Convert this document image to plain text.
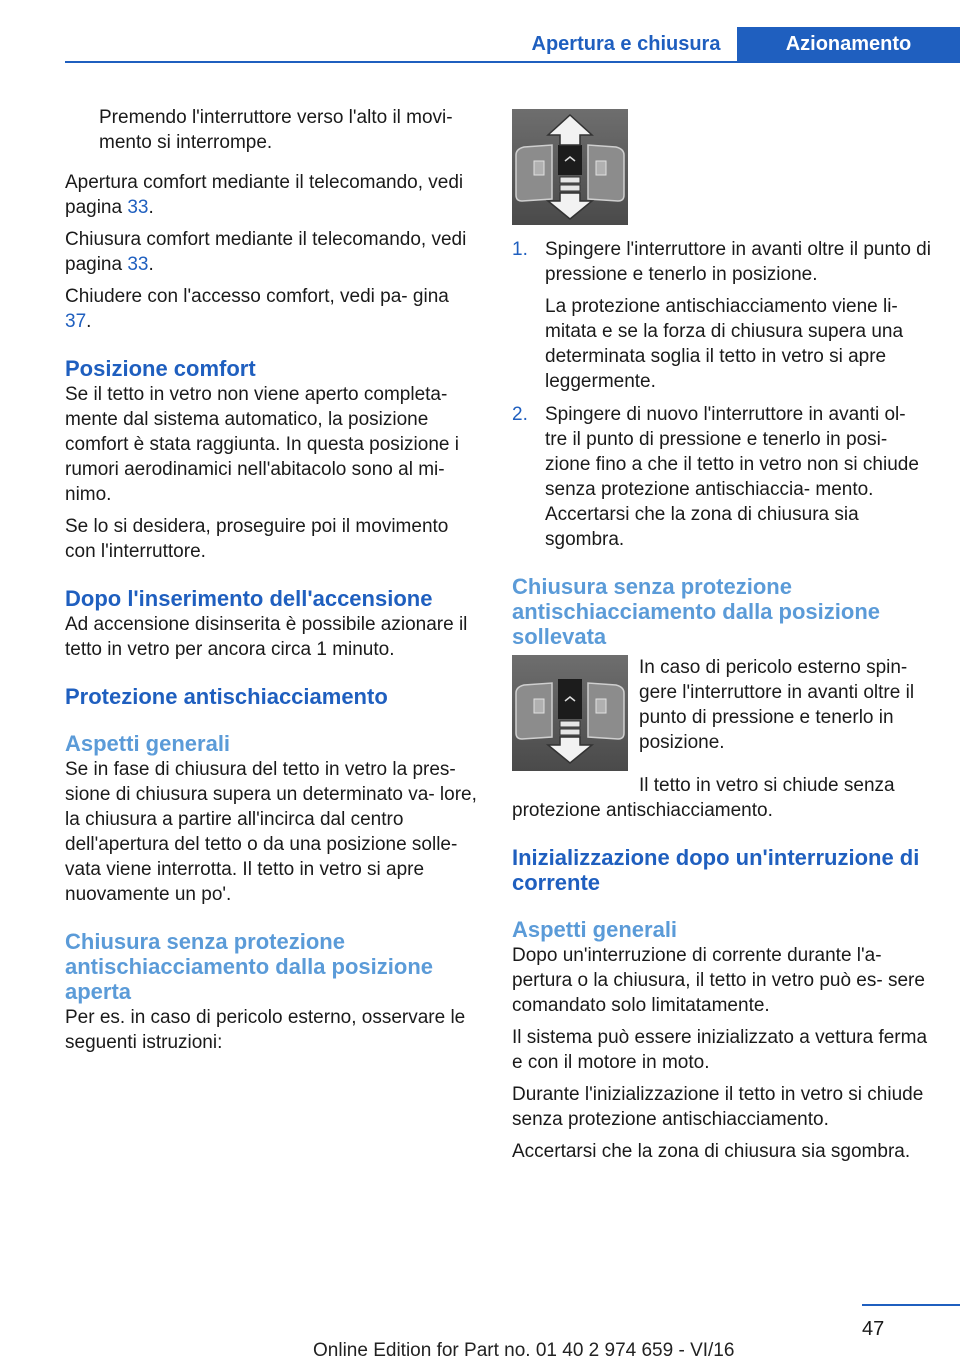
Apertura e chiusura	Azionamento

Premendo l'interruttore verso l'alto il movi‐ mento si interrompe.

Apertura comfort mediante il telecomando, vedi pagina 33.

Chiusura comfort mediante il telecomando, vedi pagina 33.

Chiudere con l'accesso comfort, vedi pa‐ gina 37.

Posizione comfort

Se il tetto in vetro non viene aperto completa‐ mente dal sistema automatico, la posizione comfort è stata raggiunta. In questa posizione i rumori aerodinamici nell'abitacolo sono al mi‐ nimo.

Se lo si desidera, proseguire poi il movimento con l'interruttore.

Dopo l'inserimento dell'accensione

Ad accensione disinserita è possibile azionare il tetto in vetro per ancora circa 1 minuto.

Protezione antischiacciamento
Aspetti generali

Se in fase di chiusura del tetto in vetro la pres‐ sione di chiusura supera un determinato va‐ lore, la chiusura a partire all'incirca dal centro dell'apertura del tetto o da una posizione solle‐ vata viene interrotta. Il tetto in vetro si apre nuovamente un po'.

Chiusura senza protezione antischiacciamento dalla posizione aperta

Per es. in caso di pericolo esterno, osservare le seguenti istruzioni:

1. Spingere l'interruttore in avanti oltre il punto di pressione e tenerlo in posizione.

La protezione antischiacciamento viene li‐ mitata e se la forza di chiusura supera una determinata soglia il tetto in vetro si apre leggermente.

2. Spingere di nuovo l'interruttore in avanti ol‐ tre il punto di pressione e tenerlo in posi‐ zione fino a che il tetto in vetro non si chiude senza protezione antischiaccia‐ mento. Accertarsi che la zona di chiusura sia sgombra.

Chiusura senza protezione antischiacciamento dalla posizione sollevata

In caso di pericolo esterno spin‐ gere l'interruttore in avanti oltre il punto di pressione e tenerlo in posizione.

Il tetto in vetro si chiude senza protezione antischiacciamento.

Inizializzazione dopo un'interruzione di corrente
Aspetti generali

Dopo un'interruzione di corrente durante l'a‐ pertura o la chiusura, il tetto in vetro può es‐ sere comandato solo limitatamente.

Il sistema può essere inizializzato a vettura ferma e con il motore in moto.

Durante l'inizializzazione il tetto in vetro si chiude senza protezione antischiacciamento.

Accertarsi che la zona di chiusura sia sgombra.

47
Online Edition for Part no. 01 40 2 974 659 - VI/16
